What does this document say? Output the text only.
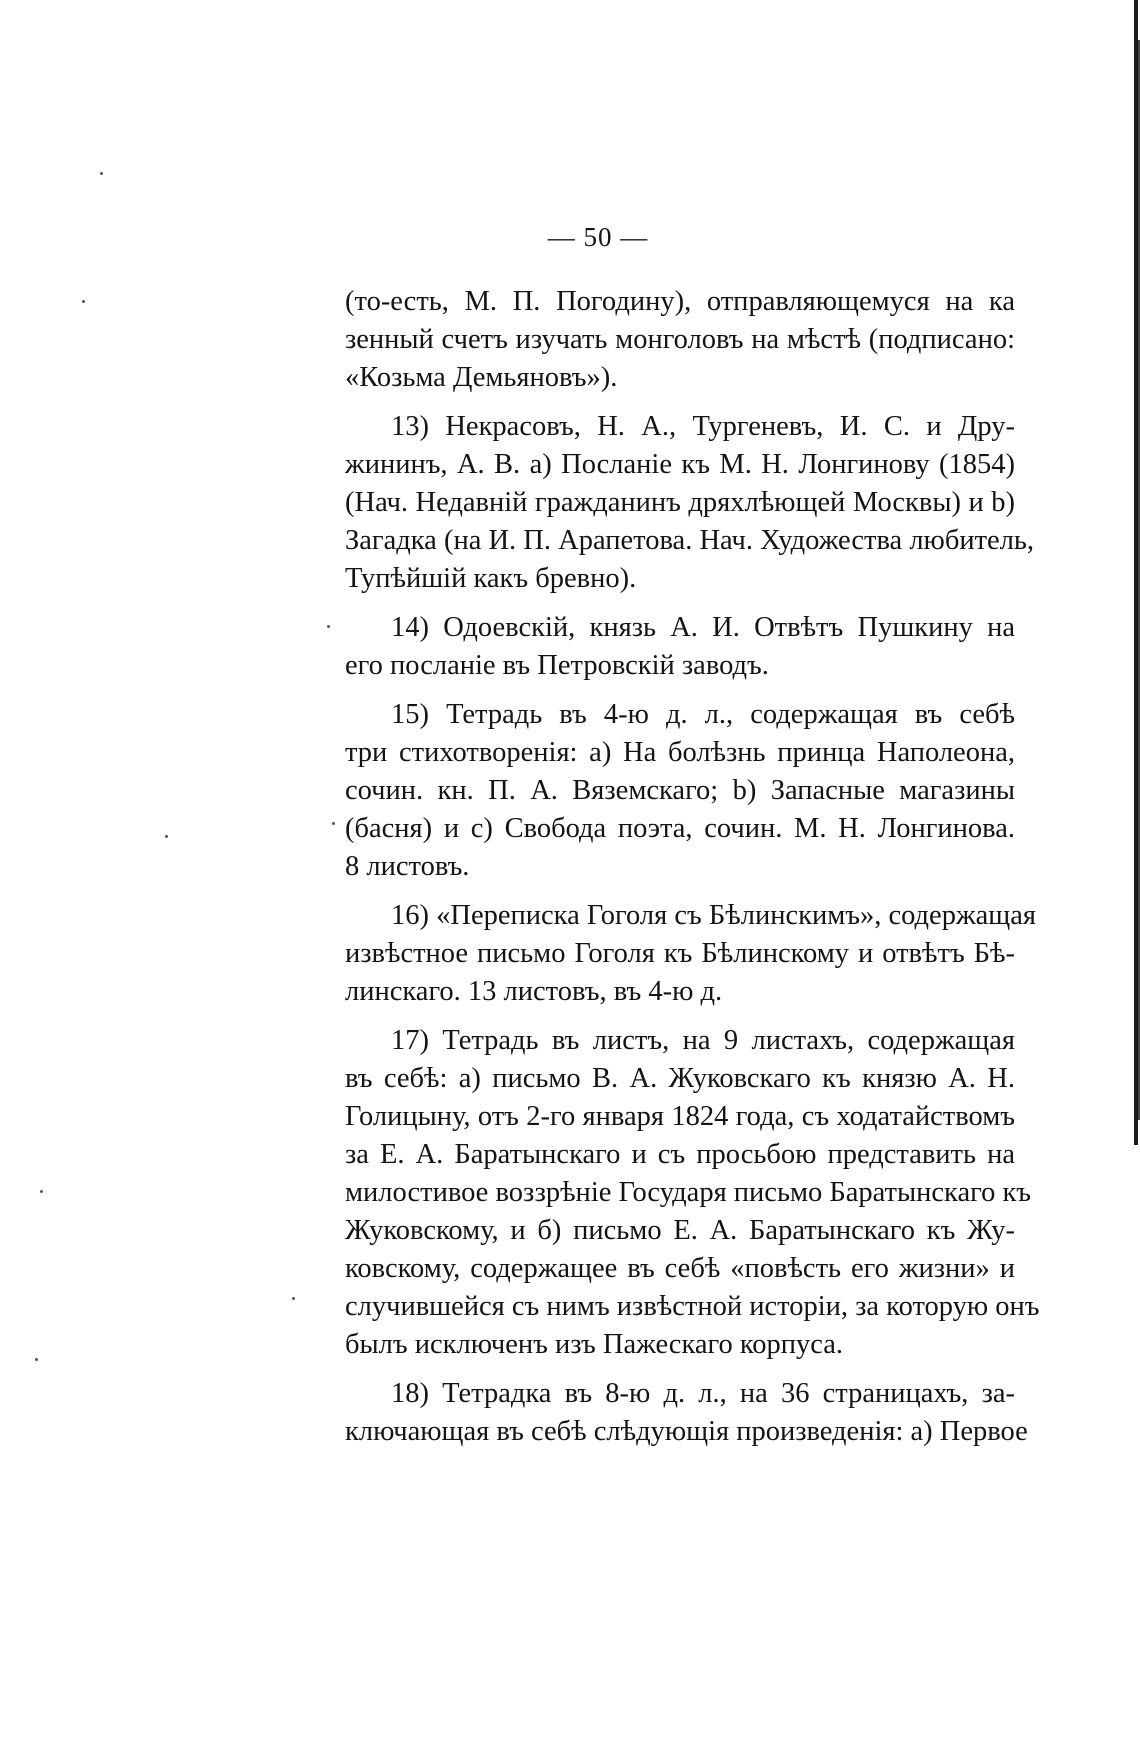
— 50 —
(то-есть, М. П. Погодину), отправляющемуся на ка
зенный счетъ изучать монголовъ на мѣстѣ (подписано:
«Козьма Демьяновъ»).
13) Некрасовъ, Н. А., Тургеневъ, И. С. и Дру-
жининъ, А. В. а) Посланіе къ М. Н. Лонгинову (1854)
(Нач. Недавній гражданинъ дряхлѣющей Москвы) и b)
Загадка (на И. П. Арапетова. Нач. Художества любитель,
Тупѣйшій какъ бревно).
14) Одоевскій, князь А. И. Отвѣтъ Пушкину на
его посланіе въ Петровскій заводъ.
15) Тетрадь въ 4-ю д. л., содержащая въ себѣ
три стихотворенія: а) На болѣзнь принца Наполеона,
сочин. кн. П. А. Вяземскаго; b) Запасные магазины
(басня) и с) Свобода поэта, сочин. М. Н. Лонгинова.
8 листовъ.
16) «Переписка Гоголя съ Бѣлинскимъ», содержащая
извѣстное письмо Гоголя къ Бѣлинскому и отвѣтъ Бѣ-
линскаго. 13 листовъ, въ 4-ю д.
17) Тетрадь въ листъ, на 9 листахъ, содержащая
въ себѣ: а) письмо В. А. Жуковскаго къ князю А. Н.
Голицыну, отъ 2-го января 1824 года, съ ходатайствомъ
за Е. А. Баратынскаго и съ просьбою представить на
милостивое воззрѣніе Государя письмо Баратынскаго къ
Жуковскому, и б) письмо Е. А. Баратынскаго къ Жу-
ковскому, содержащее въ себѣ «повѣсть его жизни» и
случившейся съ нимъ извѣстной исторіи, за которую онъ
былъ исключенъ изъ Пажескаго корпуса.
18) Тетрадка въ 8-ю д. л., на 36 страницахъ, за-
ключающая въ себѣ слѣдующія произведенія: а) Первое
